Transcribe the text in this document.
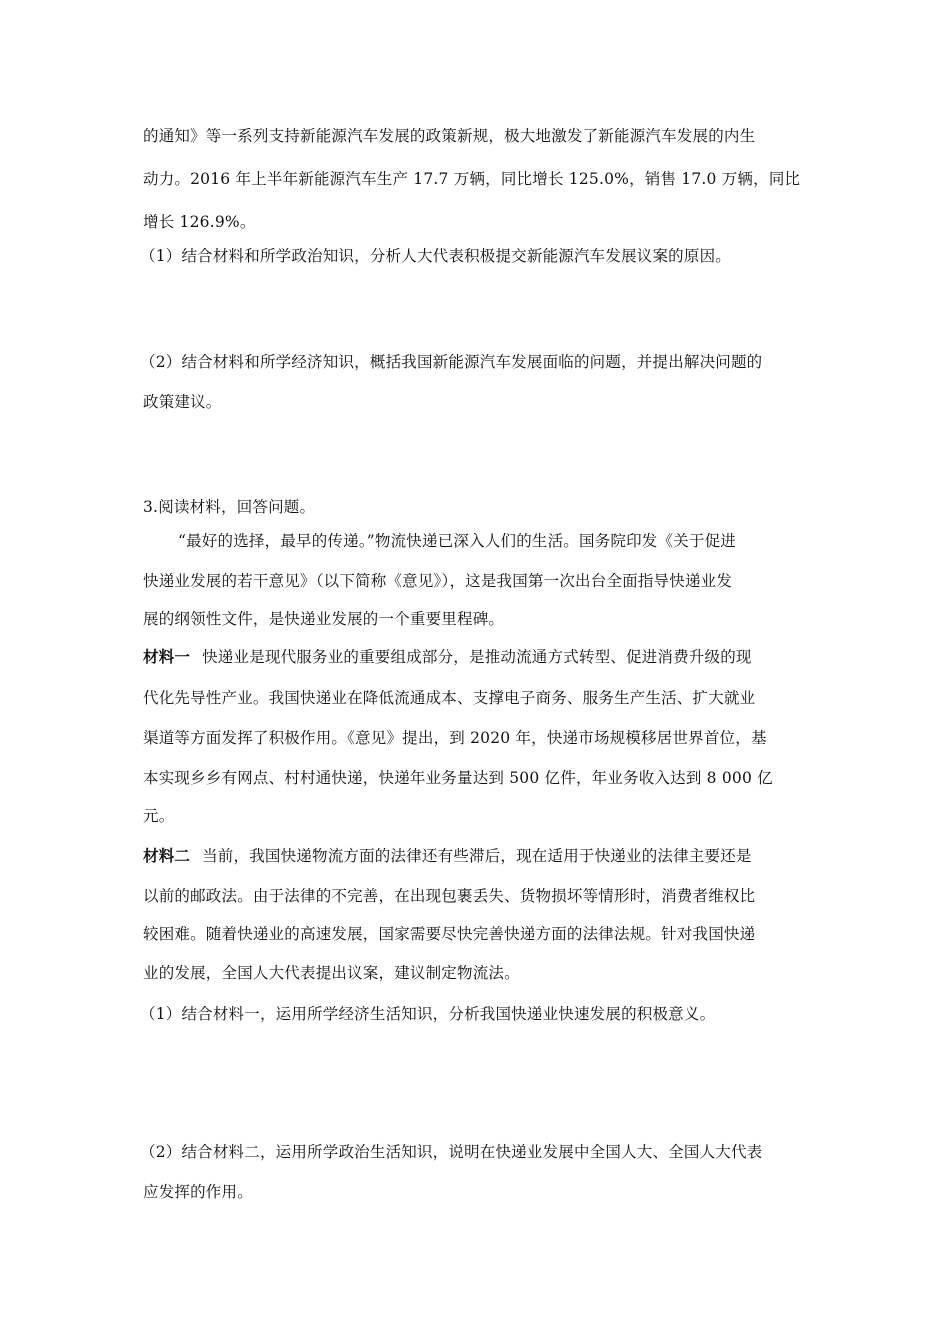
的通知》等一系列支持新能源汽车发展的政策新规，极大地激发了新能源汽车发展的内生
动力。2016 年上半年新能源汽车生产 17.7 万辆，同比增长 125.0%，销售 17.0 万辆，同比
增长 126.9%。
（1）结合材料和所学政治知识，分析人大代表积极提交新能源汽车发展议案的原因。
（2）结合材料和所学经济知识，概括我国新能源汽车发展面临的问题，并提出解决问题的
政策建议。
3.阅读材料，回答问题。
“最好的选择，最早的传递。”物流快递已深入人们的生活。国务院印发《关于促进
快递业发展的若干意见》（以下简称《意见》），这是我国第一次出台全面指导快递业发
展的纲领性文件，是快递业发展的一个重要里程碑。
材料一 快递业是现代服务业的重要组成部分，是推动流通方式转型、促进消费升级的现
代化先导性产业。我国快递业在降低流通成本、支撑电子商务、服务生产生活、扩大就业
渠道等方面发挥了积极作用。《意见》提出，到 2020 年，快递市场规模移居世界首位，基
本实现乡乡有网点、村村通快递，快递年业务量达到 500 亿件，年业务收入达到 8 000 亿
元。
材料二 当前，我国快递物流方面的法律还有些滞后，现在适用于快递业的法律主要还是
以前的邮政法。由于法律的不完善，在出现包裹丢失、货物损坏等情形时，消费者维权比
较困难。随着快递业的高速发展，国家需要尽快完善快递方面的法律法规。针对我国快递
业的发展，全国人大代表提出议案，建议制定物流法。
（1）结合材料一，运用所学经济生活知识，分析我国快递业快速发展的积极意义。
（2）结合材料二，运用所学政治生活知识，说明在快递业发展中全国人大、全国人大代表
应发挥的作用。
